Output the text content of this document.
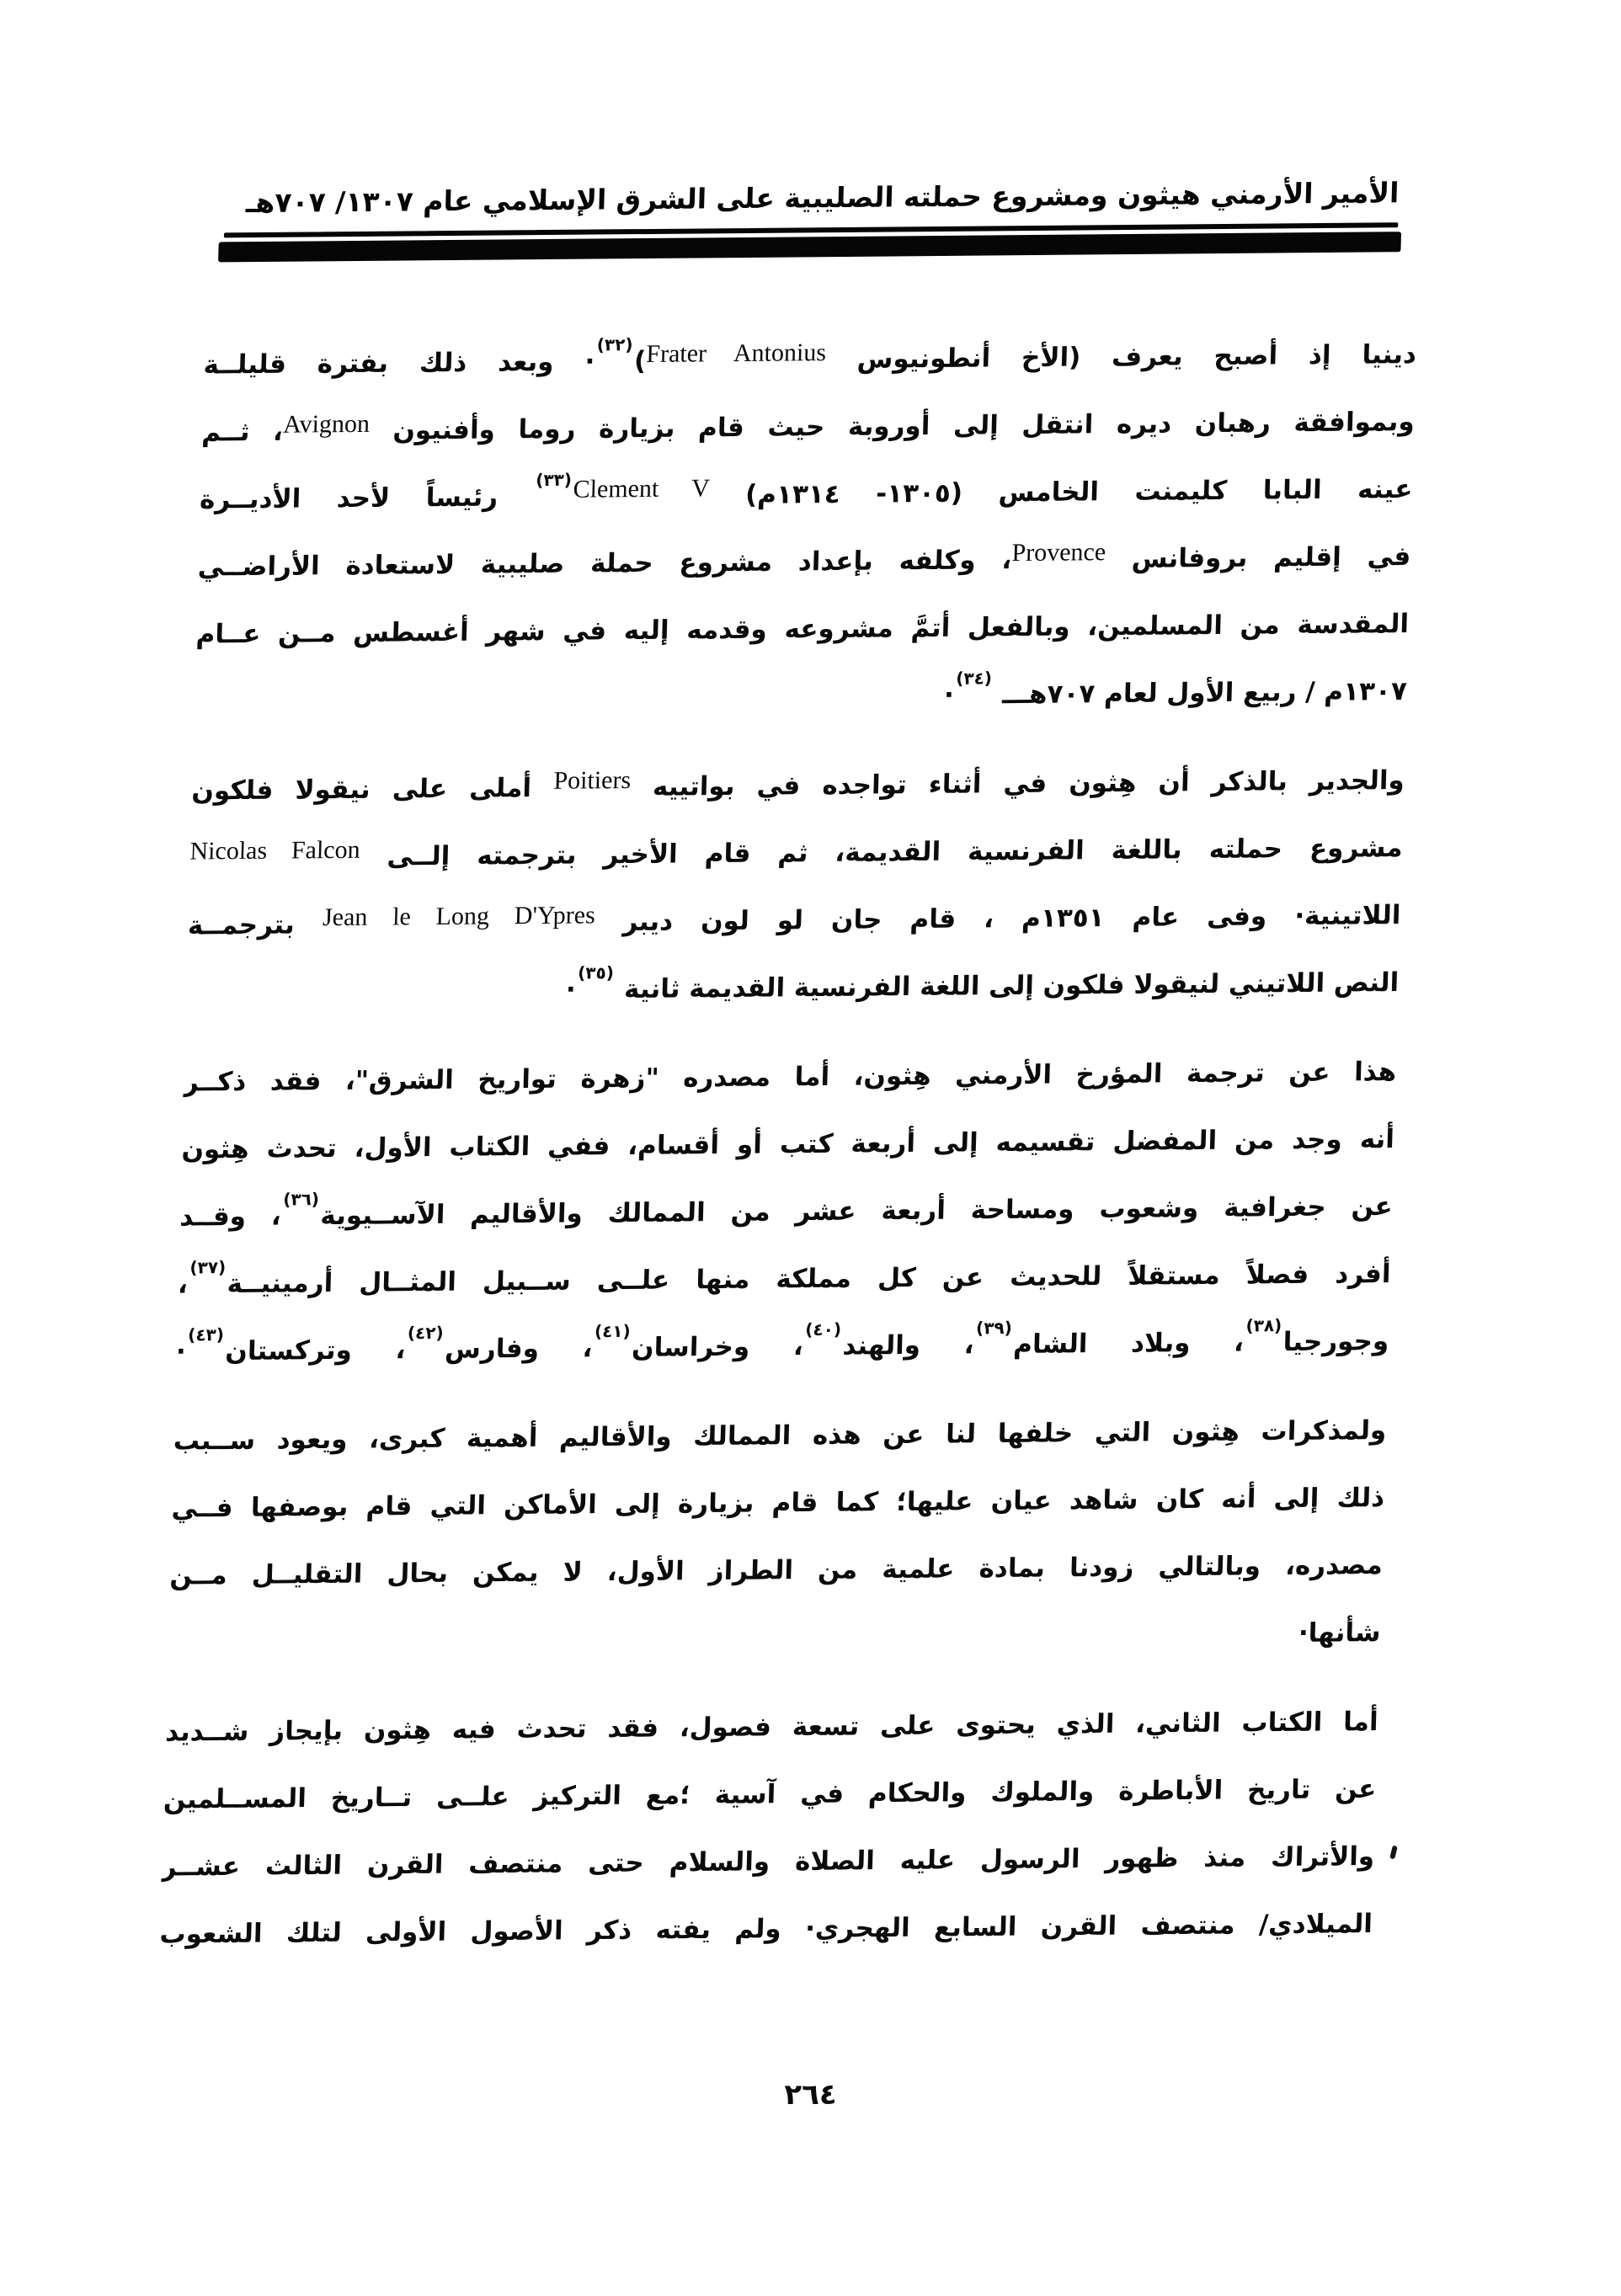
الأمير الأرمني هيثون ومشروع حملته الصليبية على الشرق الإسلامي عام ١٣٠٧/ ٧٠٧هـ
دينيا إذ أصبح يعرف (الأخ أنطونيوس Frater Antonius)$^{(٣٢)}$· وبعد ذلك بفترة قليلــة
وبموافقة رهبان ديره انتقل إلى أوروبة حيث قام بزيارة روما وأفنيون Avignon، ثــم
عينه البابا كليمنت الخامس (١٣٠٥- ١٣١٤م) Clement $V^{(٣٣)}$ رئيساً لأحد الأديــرة
في إقليم بروفانس Provence، وكلفه بإعداد مشروع حملة صليبية لاستعادة الأراضــي
المقدسة من المسلمين، وبالفعل أتمَّ مشروعه وقدمه إليه في شهر أغسطس مــن عــام
١٣٠٧م / ربيع الأول لعام ٧٠٧هـــ $^{(٣٤)}$·
والجدير بالذكر أن هِثون في أثناء تواجده في بواتييه Poitiers أملى على نيقولا فلكون
مشروع حملته باللغة الفرنسية القديمة، ثم قام الأخير بترجمته إلــى Nicolas Falcon
اللاتينية· وفى عام ١٣٥١م ، قام جان لو لون ديبر Jean le Long D'Ypres بترجمــة
النص اللاتيني لنيقولا فلكون إلى اللغة الفرنسية القديمة ثانية $^{(٣٥)}$·
هذا عن ترجمة المؤرخ الأرمني هِثون، أما مصدره "زهرة تواريخ الشرق"، فقد ذكــر
أنه وجد من المفضل تقسيمه إلى أربعة كتب أو أقسام، ففي الكتاب الأول، تحدث هِثون
عن جغرافية وشعوب ومساحة أربعة عشر من الممالك والأقاليم الآســيوية$^{(٣٦)}$، وقــد
أفرد فصلاً مستقلاً للحديث عن كل مملكة منها علــى ســبيل المثــال أرمينيــة$^{(٣٧)}$،
وجورجيا$^{(٣٨)}$، وبلاد الشام$^{(٣٩)}$، والهند$^{(٤٠)}$، وخراسان$^{(٤١)}$، وفارس$^{(٤٢)}$، وتركستان$^{(٤٣)}$·
ولمذكرات هِثون التي خلفها لنا عن هذه الممالك والأقاليم أهمية كبرى، ويعود ســبب
ذلك إلى أنه كان شاهد عيان عليها؛ كما قام بزيارة إلى الأماكن التي قام بوصفها فــي
مصدره، وبالتالي زودنا بمادة علمية من الطراز الأول، لا يمكن بحال التقليــل مــن
شأنها·
أما الكتاب الثاني، الذي يحتوى على تسعة فصول، فقد تحدث فيه هِثون بإيجاز شــديد
عن تاريخ الأباطرة والملوك والحكام في آسية ؛مع التركيز علــى تــاريخ المســلمين
والأتراك منذ ظهور الرسول عليه الصلاة والسلام حتى منتصف القرن الثالث عشــر
الميلادي/ منتصف القرن السابع الهجري· ولم يفته ذكر الأصول الأولى لتلك الشعوب
٢٦٤
